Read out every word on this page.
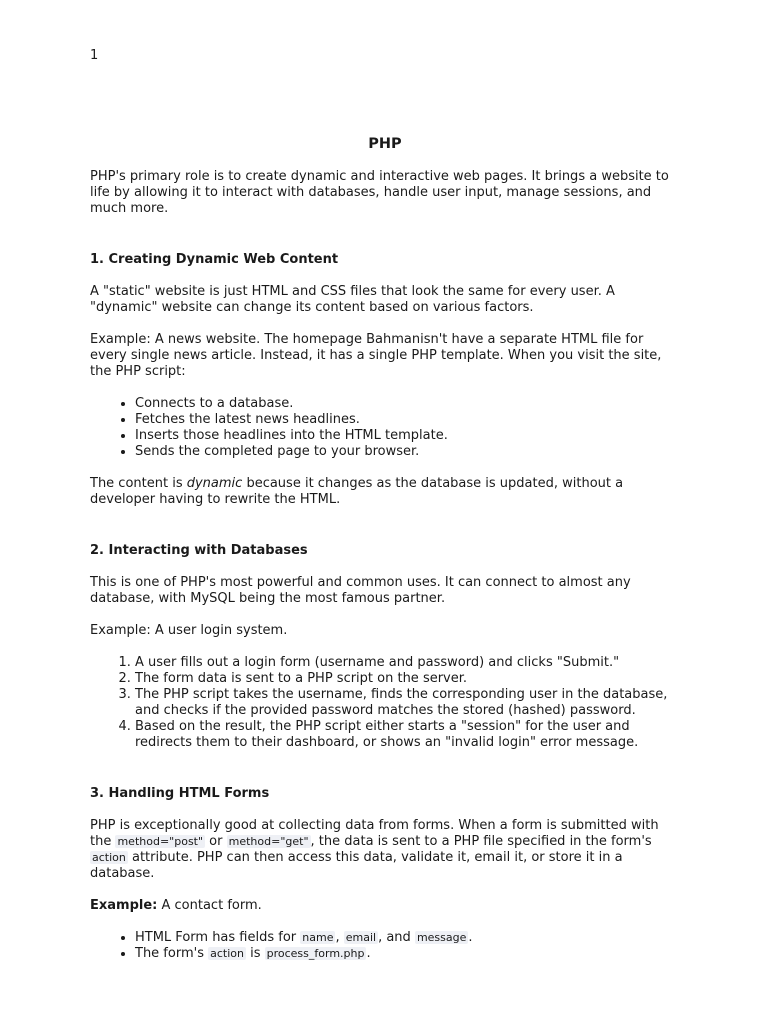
1
PHP

PHP's primary role is to create dynamic and interactive web pages. It brings a website to life by allowing it to interact with databases, handle user input, manage sessions, and much more.

1. Creating Dynamic Web Content

A "static" website is just HTML and CSS files that look the same for every user. A "dynamic" website can change its content based on various factors.

Example: A news website. The homepage Bahmanisn't have a separate HTML file for every single news article. Instead, it has a single PHP template. When you visit the site, the PHP script:

• Connects to a database.
• Fetches the latest news headlines.
• Inserts those headlines into the HTML template.
• Sends the completed page to your browser.

The content is dynamic because it changes as the database is updated, without a developer having to rewrite the HTML.

2. Interacting with Databases

This is one of PHP's most powerful and common uses. It can connect to almost any database, with MySQL being the most famous partner.

Example: A user login system.

1. A user fills out a login form (username and password) and clicks "Submit."
2. The form data is sent to a PHP script on the server.
3. The PHP script takes the username, finds the corresponding user in the database, and checks if the provided password matches the stored (hashed) password.
4. Based on the result, the PHP script either starts a "session" for the user and redirects them to their dashboard, or shows an "invalid login" error message.
3. Handling HTML Forms

PHP is exceptionally good at collecting data from forms. When a form is submitted with the method="post" or method="get" , the data is sent to a PHP file specified in the form's action attribute. PHP can then access this data, validate it, email it, or store it in a database.

Example: A contact form.

• HTML Form has fields for name , email , and message .
• The form's action is process_form.php .
